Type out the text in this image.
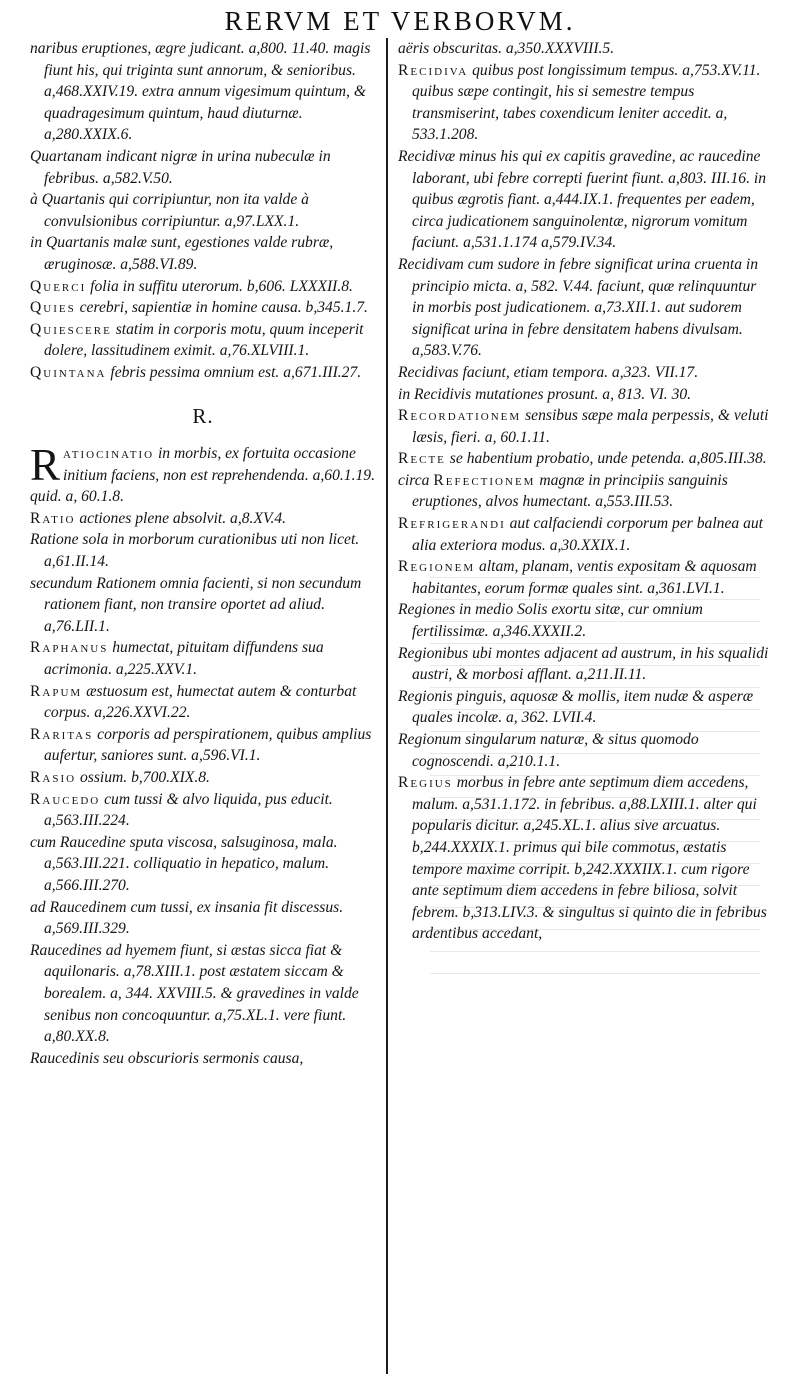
RERVM ET VERBORVM.

naribus eruptiones, ægre judicant. a,800. 11.40. magis fiunt his, qui triginta sunt annorum, & senioribus. a,468.XXIV.19. extra annum vigesimum quintum, & quadragesimum quintum, haud diuturnæ. a,280.XXIX.6.

Quartanam indicant nigræ in urina nubeculæ in febribus. a,582.V.50.

à Quartanis qui corripiuntur, non ita valde à convulsionibus corripiuntur. a,97.LXX.1.

in Quartanis malæ sunt, egestiones valde rubræ, æruginosæ. a,588.VI.89.

Querci folia in suffitu uterorum. b,606. LXXXII.8.

Quies cerebri, sapientiæ in homine causa. b,345.1.7.

Quiescere statim in corporis motu, quum inceperit dolere, lassitudinem eximit. a,76.XLVIII.1.

Quintana febris pessima omnium est. a,671.III.27.

R.

Ratiocinatio in morbis, ex fortuita occasione initium faciens, non est reprehendenda. a,60.1.19. quid. a, 60.1.8.

Ratio actiones plene absolvit. a,8.XV.4.

Ratione sola in morborum curationibus uti non licet. a,61.II.14.

secundum Rationem omnia facienti, si non secundum rationem fiant, non transire oportet ad aliud. a,76.LII.1.

Raphanus humectat, pituitam diffundens sua acrimonia. a,225.XXV.1.

Rapum æstuosum est, humectat autem & conturbat corpus. a,226.XXVI.22.

Raritas corporis ad perspirationem, quibus amplius aufertur, saniores sunt. a,596.VI.1.

Rasio ossium. b,700.XIX.8.

Raucedo cum tussi & alvo liquida, pus educit. a,563.III.224.

cum Raucedine sputa viscosa, salsuginosa, mala. a,563.III.221. colliquatio in hepatico, malum. a,566.III.270.

ad Raucedinem cum tussi, ex insania fit discessus. a,569.III.329.

Raucedines ad hyemem fiunt, si æstas sicca fiat & aquilonaris. a,78.XIII.1. post æstatem siccam & borealem. a, 344. XXVIII.5. & gravedines in valde senibus non concoquuntur. a,75.XL.1. vere fiunt. a,80.XX.8.

Raucedinis seu obscurioris sermonis causa,

aëris obscuritas. a,350.XXXVIII.5.

Recidiva quibus post longissimum tempus. a,753.XV.11. quibus sæpe contingit, his si semestre tempus transmiserint, tabes coxendicum leniter accedit. a, 533.1.208.

Recidivæ minus his qui ex capitis gravedine, ac raucedine laborant, ubi febre correpti fuerint fiunt. a,803. III.16. in quibus ægrotis fiant. a,444.IX.1. frequentes per eadem, circa judicationem sanguinolentæ, nigrorum vomitum faciunt. a,531.1.174 a,579.IV.34.

Recidivam cum sudore in febre significat urina cruenta in principio micta. a, 582. V.44. faciunt, quæ relinquuntur in morbis post judicationem. a,73.XII.1. aut sudorem significat urina in febre densitatem habens divulsam. a,583.V.76.

Recidivas faciunt, etiam tempora. a,323. VII.17.

in Recidivis mutationes prosunt. a, 813. VI. 30.

Recordationem sensibus sæpe mala perpessis, & veluti læsis, fieri. a, 60.1.11.

Recte se habentium probatio, unde petenda. a,805.III.38.

circa Refectionem magnæ in principiis sanguinis eruptiones, alvos humectant. a,553.III.53.

Refrigerandi aut calfaciendi corporum per balnea aut alia exteriora modus. a,30.XXIX.1.

Regionem altam, planam, ventis expositam & aquosam habitantes, eorum formæ quales sint. a,361.LVI.1.

Regiones in medio Solis exortu sitæ, cur omnium fertilissimæ. a,346.XXXII.2.

Regionibus ubi montes adjacent ad austrum, in his squalidi austri, & morbosi afflant. a,211.II.11.

Regionis pinguis, aquosæ & mollis, item nudæ & asperæ quales incolæ. a, 362. LVII.4.

Regionum singularum naturæ, & situs quomodo cognoscendi. a,210.1.1.

Regius morbus in febre ante septimum diem accedens, malum. a,531.1.172. in febribus. a,88.LXIII.1. alter qui popularis dicitur. a,245.XL.1. alius sive arcuatus. b,244.XXXIX.1. primus qui bile commotus, æstatis tempore maxime corripit. b,242.XXXIIX.1. cum rigore ante septimum diem accedens in febre biliosa, solvit febrem. b,313.LIV.3. & singultus si quinto die in febribus ardentibus accedant,
